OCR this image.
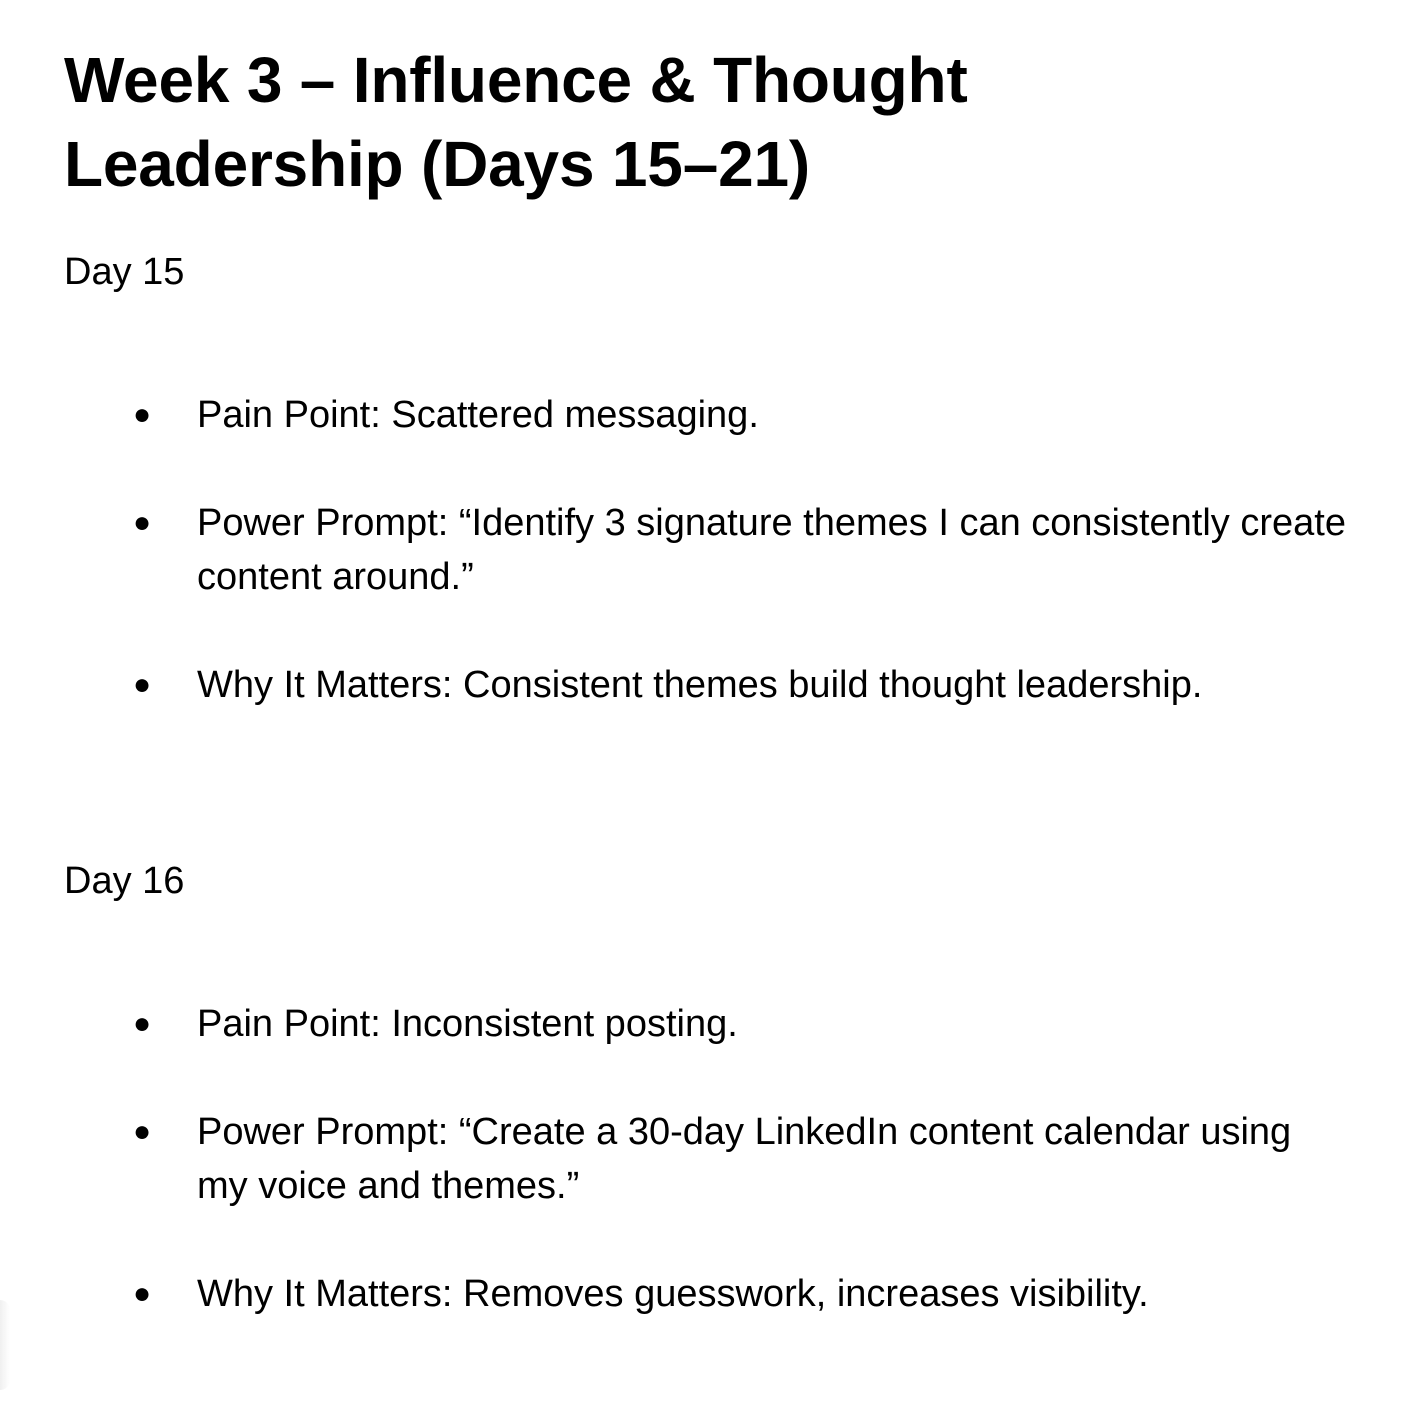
Week 3 – Influence & Thought Leadership (Days 15–21)
Day 15
● Pain Point: Scattered messaging.
● Power Prompt: “Identify 3 signature themes I can consistently create content around.”
● Why It Matters: Consistent themes build thought leadership.
Day 16
● Pain Point: Inconsistent posting.
● Power Prompt: “Create a 30-day LinkedIn content calendar using my voice and themes.”
● Why It Matters: Removes guesswork, increases visibility.
